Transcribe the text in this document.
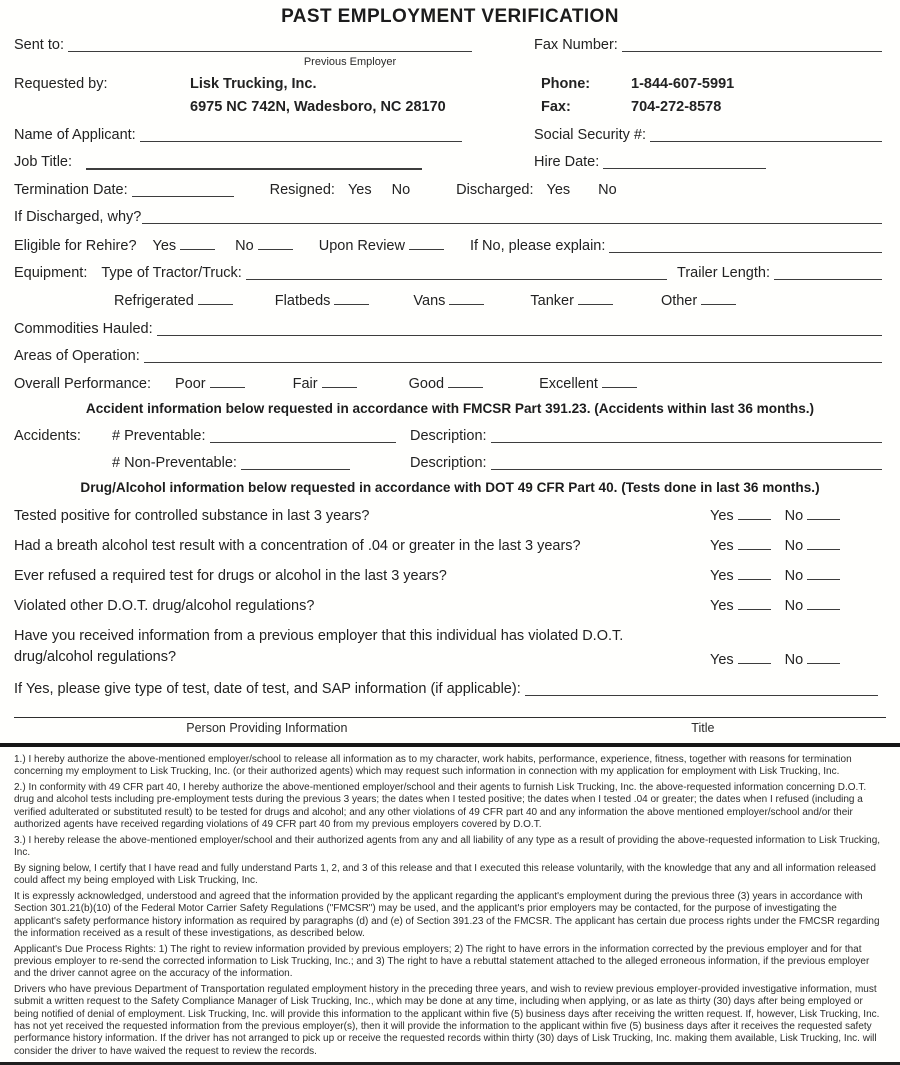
PAST EMPLOYMENT VERIFICATION
Sent to:	Fax Number:
Previous Employer
Requested by:	Lisk Trucking, Inc.
6975 NC 742N, Wadesboro, NC 28170
Phone:	1-844-607-5991
Fax:	704-272-8578
Name of Applicant:	Social Security #:
Job Title:	Hire Date:
Termination Date:	Resigned: Yes No	Discharged: Yes No
If Discharged, why?
Eligible for Rehire? Yes	No	Upon Review	If No, please explain:
Equipment: Type of Tractor/Truck:	Trailer Length:
Refrigerated	Flatbeds	Vans	Tanker	Other
Commodities Hauled:
Areas of Operation:
Overall Performance: Poor	Fair	Good	Excellent
Accident information below requested in accordance with FMCSR Part 391.23. (Accidents within last 36 months.)
Accidents:	# Preventable:	Description:
# Non-Preventable:	Description:
Drug/Alcohol information below requested in accordance with DOT 49 CFR Part 40. (Tests done in last 36 months.)
Tested positive for controlled substance in last 3 years?	Yes	No
Had a breath alcohol test result with a concentration of .04 or greater in the last 3 years?	Yes	No
Ever refused a required test for drugs or alcohol in the last 3 years?	Yes	No
Violated other D.O.T. drug/alcohol regulations?	Yes	No
Have you received information from a previous employer that this individual has violated D.O.T. drug/alcohol regulations?	Yes	No
If Yes, please give type of test, date of test, and SAP information (if applicable):
Person Providing Information	Title

1.) I hereby authorize the above-mentioned employer/school to release all information as to my character, work habits, performance, experience, fitness, together with reasons for termination concerning my employment to Lisk Trucking, Inc. (or their authorized agents) which may request such information in connection with my application for employment with Lisk Trucking, Inc.

2.) In conformity with 49 CFR part 40, I hereby authorize the above-mentioned employer/school and their agents to furnish Lisk Trucking, Inc. the above-requested information concerning D.O.T. drug and alcohol tests including pre-employment tests during the previous 3 years; the dates when I tested positive; the dates when I tested .04 or greater; the dates when I refused (including a verified adulterated or substituted result) to be tested for drugs and alcohol; and any other violations of 49 CFR part 40 and any information the above mentioned employer/school and/or their authorized agents have received regarding violations of 49 CFR part 40 from my previous employers covered by D.O.T.

3.) I hereby release the above-mentioned employer/school and their authorized agents from any and all liability of any type as a result of providing the above-requested information to Lisk Trucking, Inc.

By signing below, I certify that I have read and fully understand Parts 1, 2, and 3 of this release and that I executed this release voluntarily, with the knowledge that any and all information released could affect my being employed with Lisk Trucking, Inc.

It is expressly acknowledged, understood and agreed that the information provided by the applicant regarding the applicant's employment during the previous three (3) years in accordance with Section 301.21(b)(10) of the Federal Motor Carrier Safety Regulations ("FMCSR") may be used, and the applicant's prior employers may be contacted, for the purpose of investigating the applicant's safety performance history information as required by paragraphs (d) and (e) of Section 391.23 of the FMCSR. The applicant has certain due process rights under the FMCSR regarding the information received as a result of these investigations, as described below.

Applicant's Due Process Rights: 1) The right to review information provided by previous employers; 2) The right to have errors in the information corrected by the previous employer and for that previous employer to re-send the corrected information to Lisk Trucking, Inc.; and 3) The right to have a rebuttal statement attached to the alleged erroneous information, if the previous employer and the driver cannot agree on the accuracy of the information.

Drivers who have previous Department of Transportation regulated employment history in the preceding three years, and wish to review previous employer-provided investigative information, must submit a written request to the Safety Compliance Manager of Lisk Trucking, Inc., which may be done at any time, including when applying, or as late as thirty (30) days after being employed or being notified of denial of employment. Lisk Trucking, Inc. will provide this information to the applicant within five (5) business days after receiving the written request. If, however, Lisk Trucking, Inc. has not yet received the requested information from the previous employer(s), then it will provide the information to the applicant within five (5) business days after it receives the requested safety performance history information. If the driver has not arranged to pick up or receive the requested records within thirty (30) days of Lisk Trucking, Inc. making them available, Lisk Trucking, Inc. will consider the driver to have waived the request to review the records.
